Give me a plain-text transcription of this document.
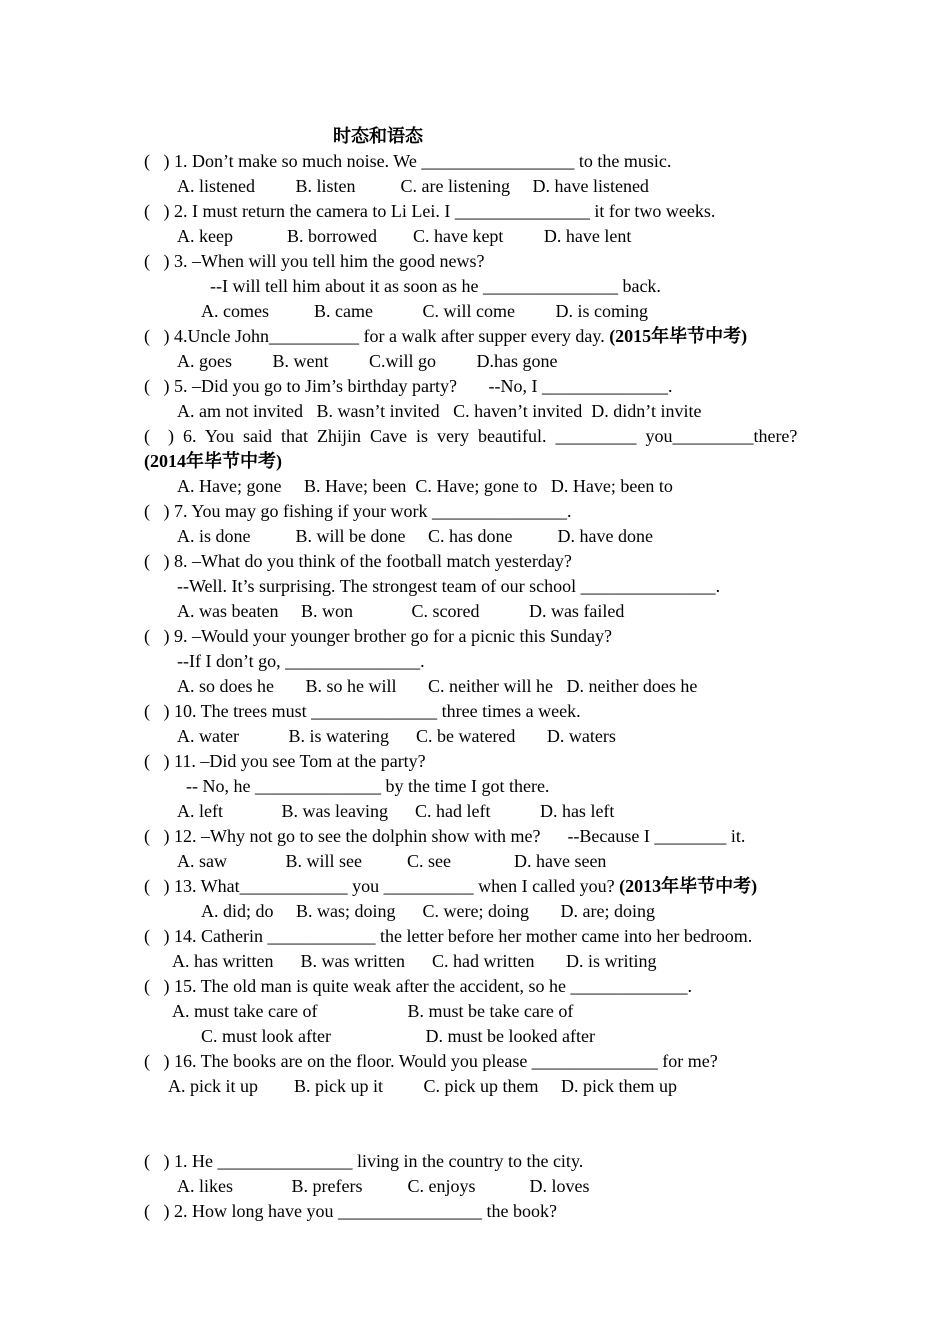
时态和语态
(   ) 1. Don’t make so much noise. We _________________ to the music.
A. listened         B. listen          C. are listening     D. have listened
(   ) 2. I must return the camera to Li Lei. I _______________ it for two weeks.
A. keep            B. borrowed        C. have kept         D. have lent
(   ) 3. –When will you tell him the good news?
--I will tell him about it as soon as he _______________ back.
A. comes          B. came           C. will come         D. is coming
(   ) 4.Uncle John__________ for a walk after supper every day. (2015年毕节中考)
A. goes         B. went         C.will go         D.has gone
(   ) 5. –Did you go to Jim’s birthday party?       --No, I ______________.
A. am not invited   B. wasn’t invited   C. haven’t invited  D. didn’t invite
(    )  6.  You  said  that  Zhijin  Cave  is  very  beautiful.  _________  you_________there?
(2014年毕节中考)
A. Have; gone     B. Have; been  C. Have; gone to   D. Have; been to
(   ) 7. You may go fishing if your work _______________.
A. is done          B. will be done     C. has done          D. have done
(   ) 8. –What do you think of the football match yesterday?
--Well. It’s surprising. The strongest team of our school _______________.
A. was beaten     B. won             C. scored           D. was failed
(   ) 9. –Would your younger brother go for a picnic this Sunday?
--If I don’t go, _______________.
A. so does he       B. so he will       C. neither will he   D. neither does he
(   ) 10. The trees must ______________ three times a week.
A. water           B. is watering      C. be watered       D. waters
(   ) 11. –Did you see Tom at the party?
-- No, he ______________ by the time I got there.
A. left             B. was leaving      C. had left           D. has left
(   ) 12. –Why not go to see the dolphin show with me?      --Because I ________ it.
A. saw             B. will see          C. see              D. have seen
(   ) 13. What____________ you __________ when I called you? (2013年毕节中考)
A. did; do     B. was; doing      C. were; doing       D. are; doing
(   ) 14. Catherin ____________ the letter before her mother came into her bedroom.
A. has written      B. was written      C. had written       D. is writing
(   ) 15. The old man is quite weak after the accident, so he _____________.
A. must take care of                    B. must be take care of
C. must look after                     D. must be looked after
(   ) 16. The books are on the floor. Would you please ______________ for me?
A. pick it up        B. pick up it         C. pick up them     D. pick them up
(   ) 1. He _______________ living in the country to the city.
A. likes             B. prefers          C. enjoys            D. loves
(   ) 2. How long have you ________________ the book?
